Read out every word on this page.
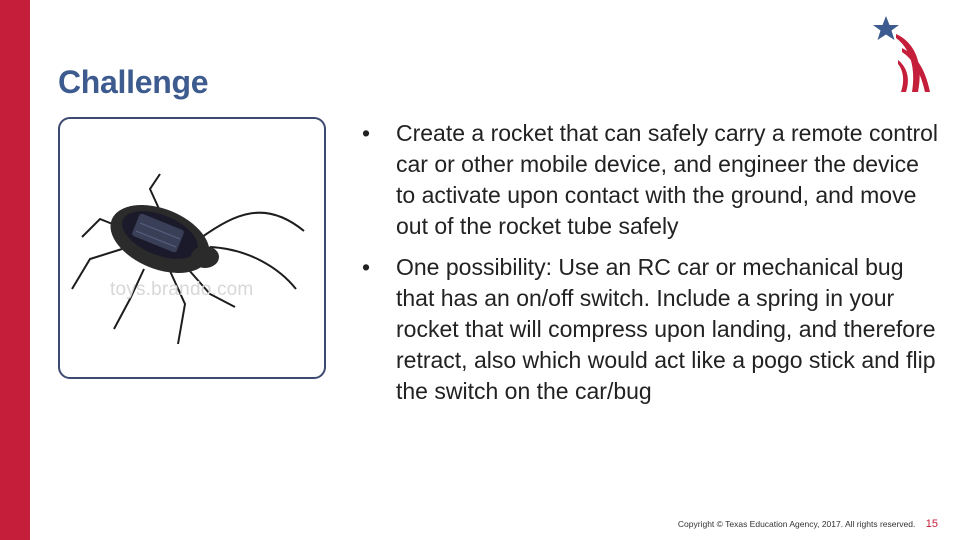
Challenge
toys.brando.com
• Create a rocket that can safely carry a remote control car or other mobile device, and engineer the device to activate upon contact with the ground, and move out of the rocket tube safely
• One possibility: Use an RC car or mechanical bug that has an on/off switch. Include a spring in your rocket that will compress upon landing, and therefore retract, also which would act like a pogo stick and flip the switch on the car/bug
Copyright © Texas Education Agency, 2017. All rights reserved. 15
